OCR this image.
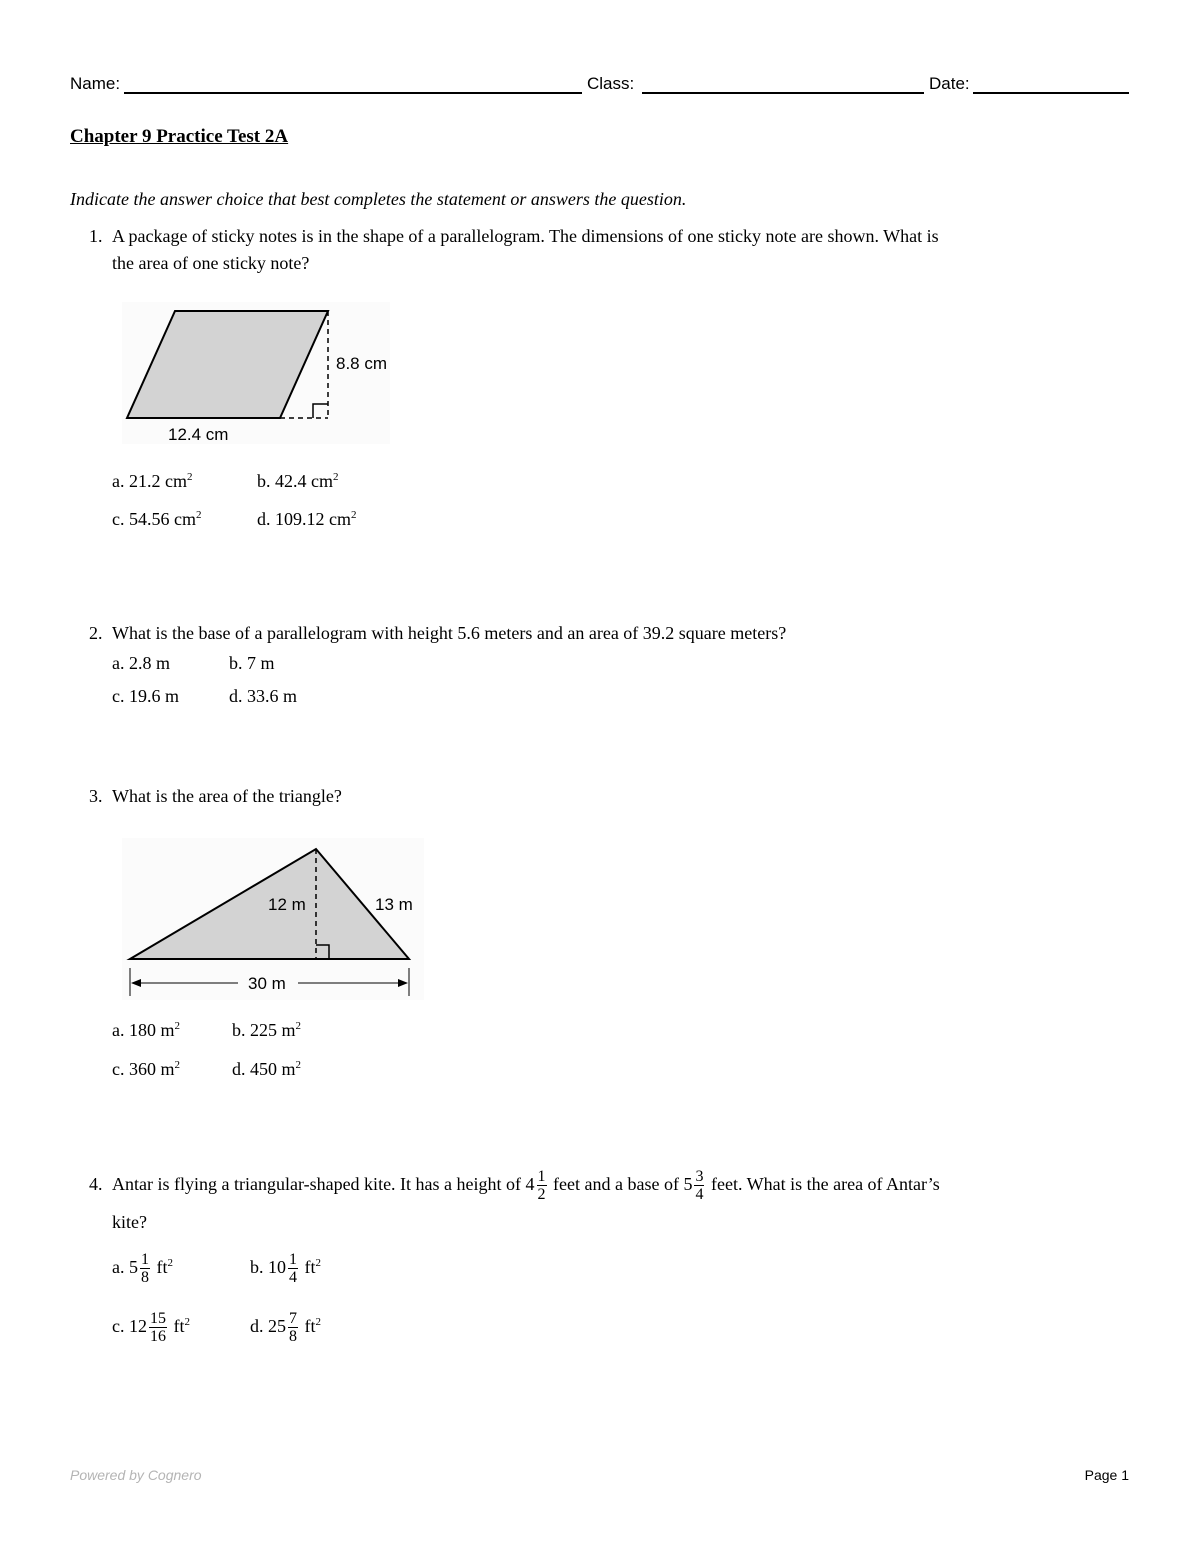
Name:	Class:	Date:
Chapter 9 Practice Test 2A
Indicate the answer choice that best completes the statement or answers the question.
1. A package of sticky notes is in the shape of a parallelogram. The dimensions of one sticky note are shown. What is
the area of one sticky note?
8.8 cm
12.4 cm
a. 21.2 $cm^2$	b. 42.4 $cm^2$
c. 54.56 $cm^2$	d. 109.12 $cm^2$
2. What is the base of a parallelogram with height 5.6 meters and an area of 39.2 square meters?
a. 2.8 m	b. 7 m
c. 19.6 m	d. 33.6 m
3. What is the area of the triangle?
12 m	13 m
30 m
a. 180 $m^2$	b. 225 $m^2$
c. 360 $m^2$	d. 450 $m^2$
4. Antar is flying a triangular-shaped kite. It has a height of $4 \frac{1}{2}$ feet and a base of $5 \frac{3}{4}$ feet. What is the area of Antar’s
kite?
a. $5 \frac{1}{8} ft^2$	b. $10 \frac{1}{4} ft^2$
c. $12 \frac{15}{16} ft^2$	d. $25 \frac{7}{8} ft^2$
Powered by Cognero	Page 1
